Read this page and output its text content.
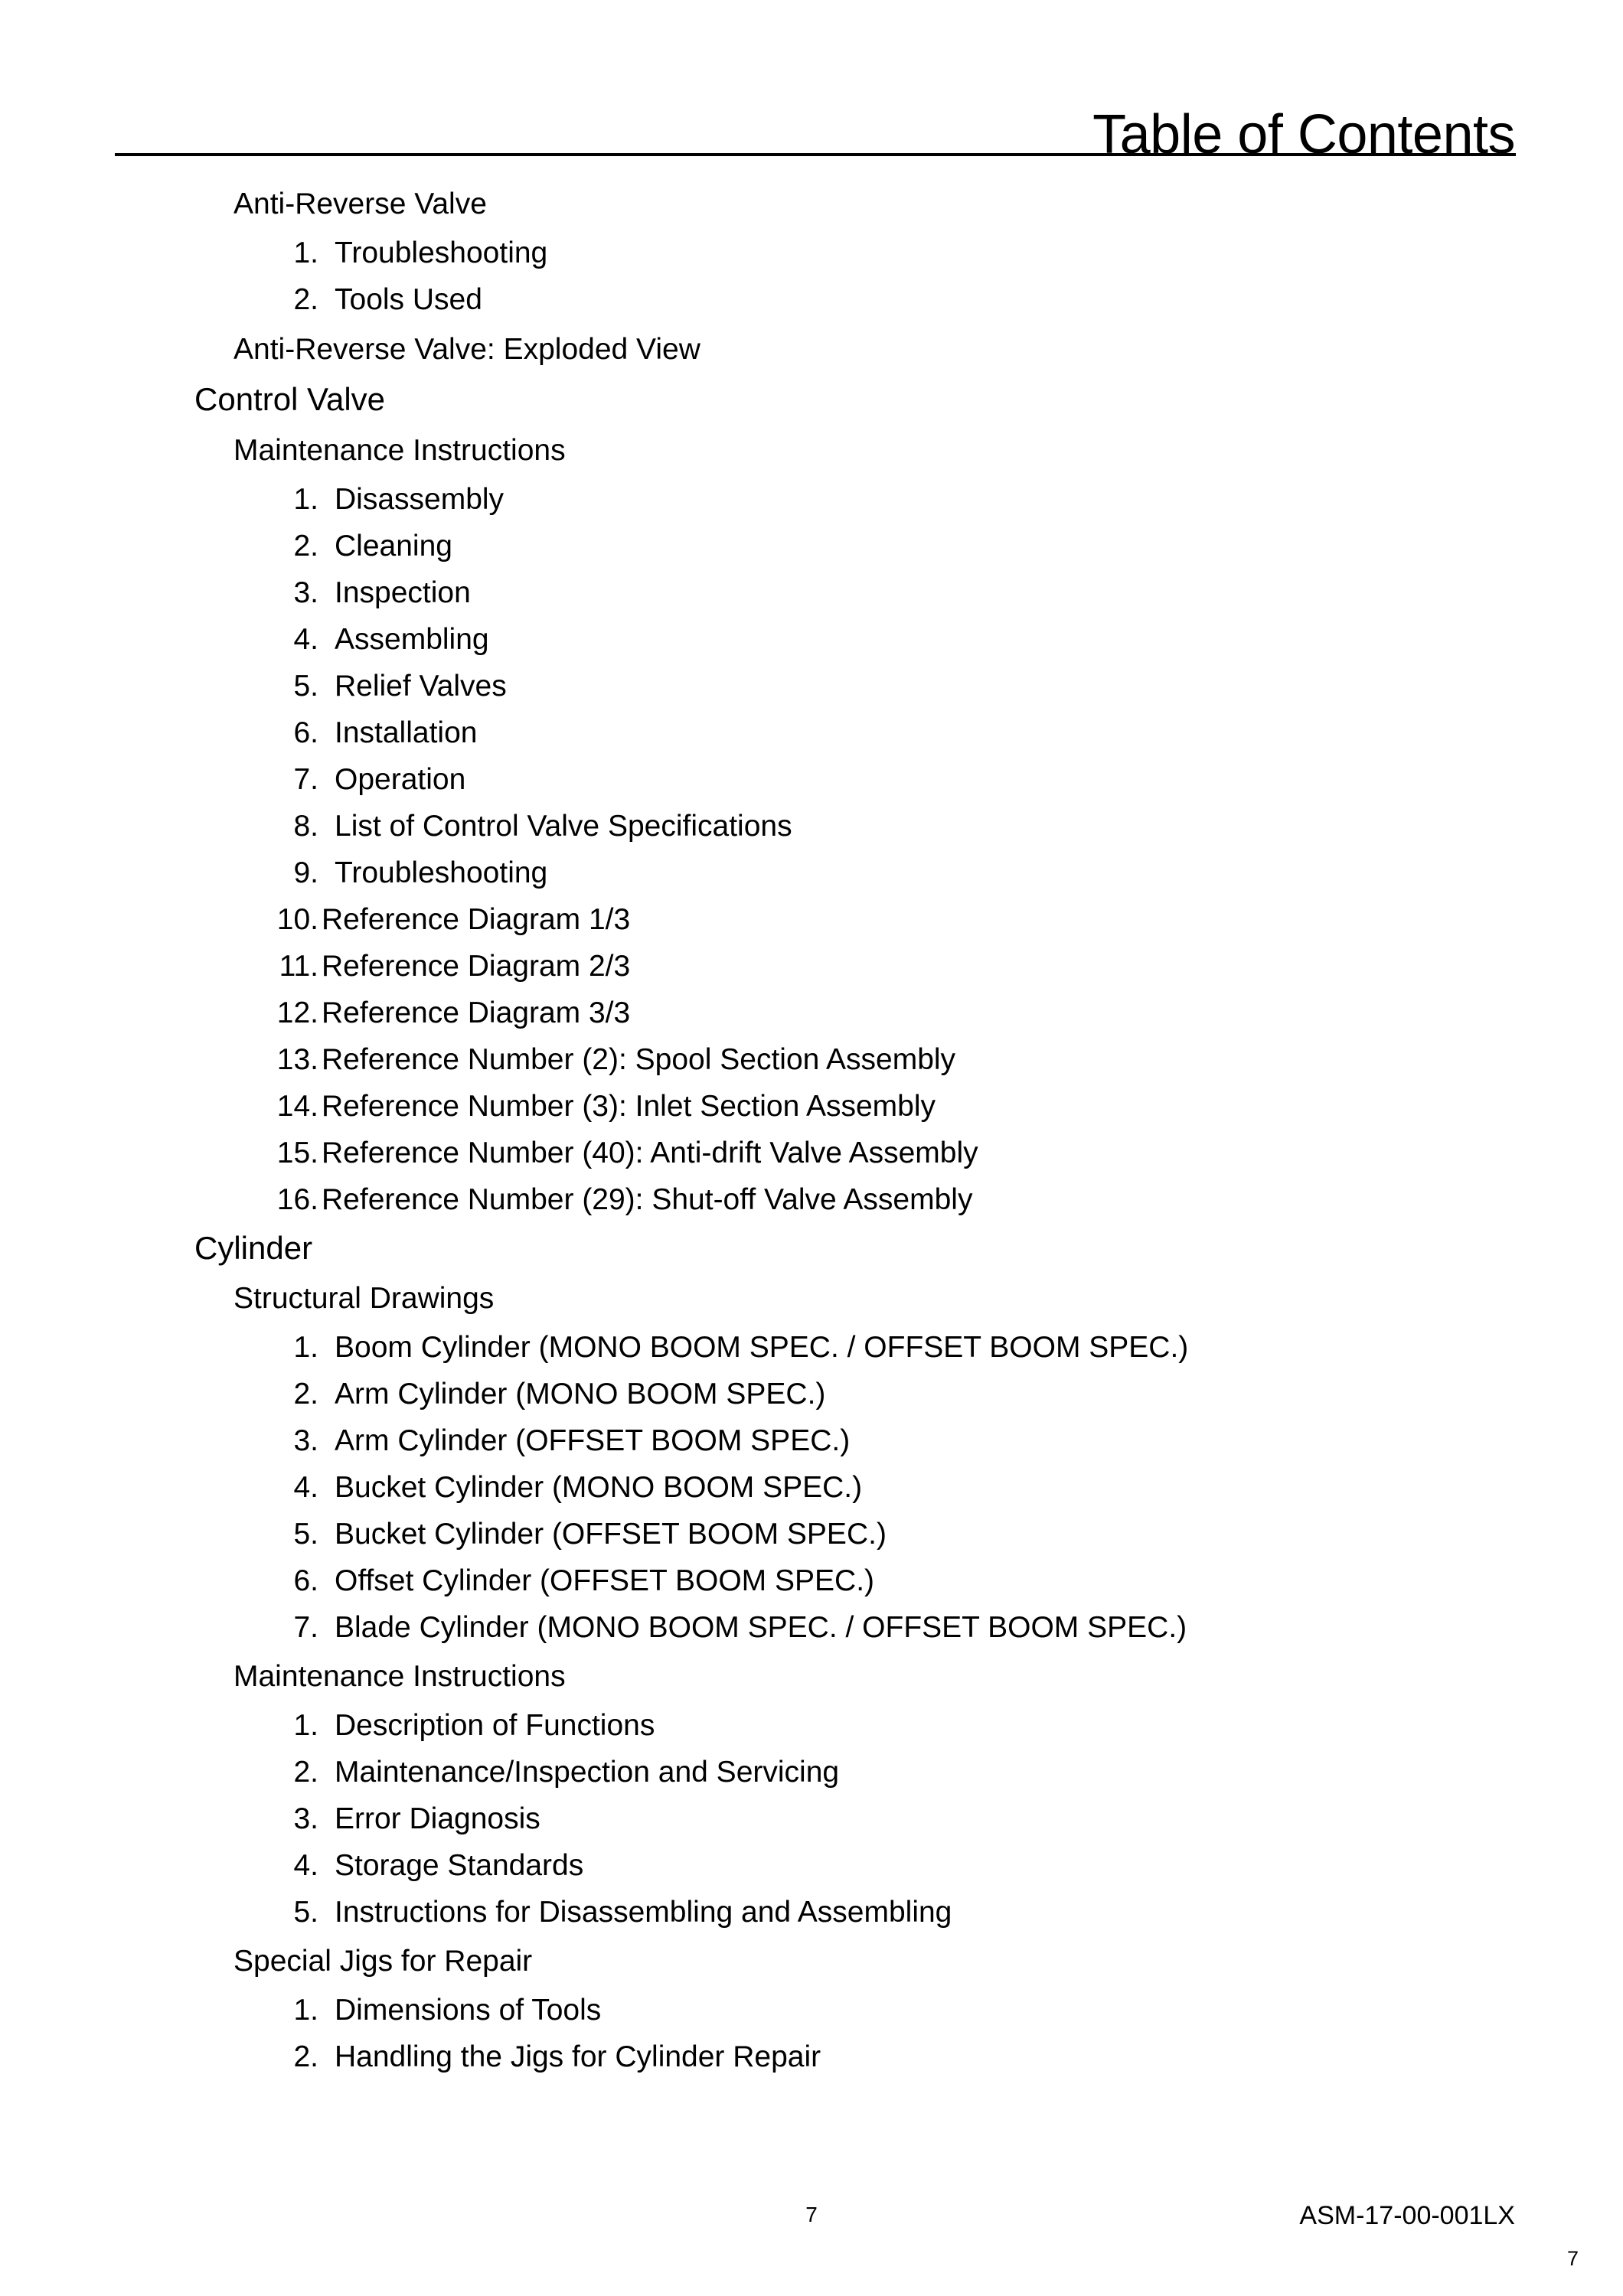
Table of Contents
Anti-Reverse Valve
1. Troubleshooting
2. Tools Used
Anti-Reverse Valve: Exploded View
Control Valve
Maintenance Instructions
1. Disassembly
2. Cleaning
3. Inspection
4. Assembling
5. Relief Valves
6. Installation
7. Operation
8. List of Control Valve Specifications
9. Troubleshooting
10. Reference Diagram 1/3
11. Reference Diagram 2/3
12. Reference Diagram 3/3
13. Reference Number (2): Spool Section Assembly
14. Reference Number (3): Inlet Section Assembly
15. Reference Number (40): Anti-drift Valve Assembly
16. Reference Number (29): Shut-off Valve Assembly
Cylinder
Structural Drawings
1. Boom Cylinder (MONO BOOM SPEC. / OFFSET BOOM SPEC.)
2. Arm Cylinder (MONO BOOM SPEC.)
3. Arm Cylinder (OFFSET BOOM SPEC.)
4. Bucket Cylinder (MONO BOOM SPEC.)
5. Bucket Cylinder (OFFSET BOOM SPEC.)
6. Offset Cylinder (OFFSET BOOM SPEC.)
7. Blade Cylinder (MONO BOOM SPEC. / OFFSET BOOM SPEC.)
Maintenance Instructions
1. Description of Functions
2. Maintenance/Inspection and Servicing
3. Error Diagnosis
4. Storage Standards
5. Instructions for Disassembling and Assembling
Special Jigs for Repair
1. Dimensions of Tools
2. Handling the Jigs for Cylinder Repair
7	ASM-17-00-001LX
7
